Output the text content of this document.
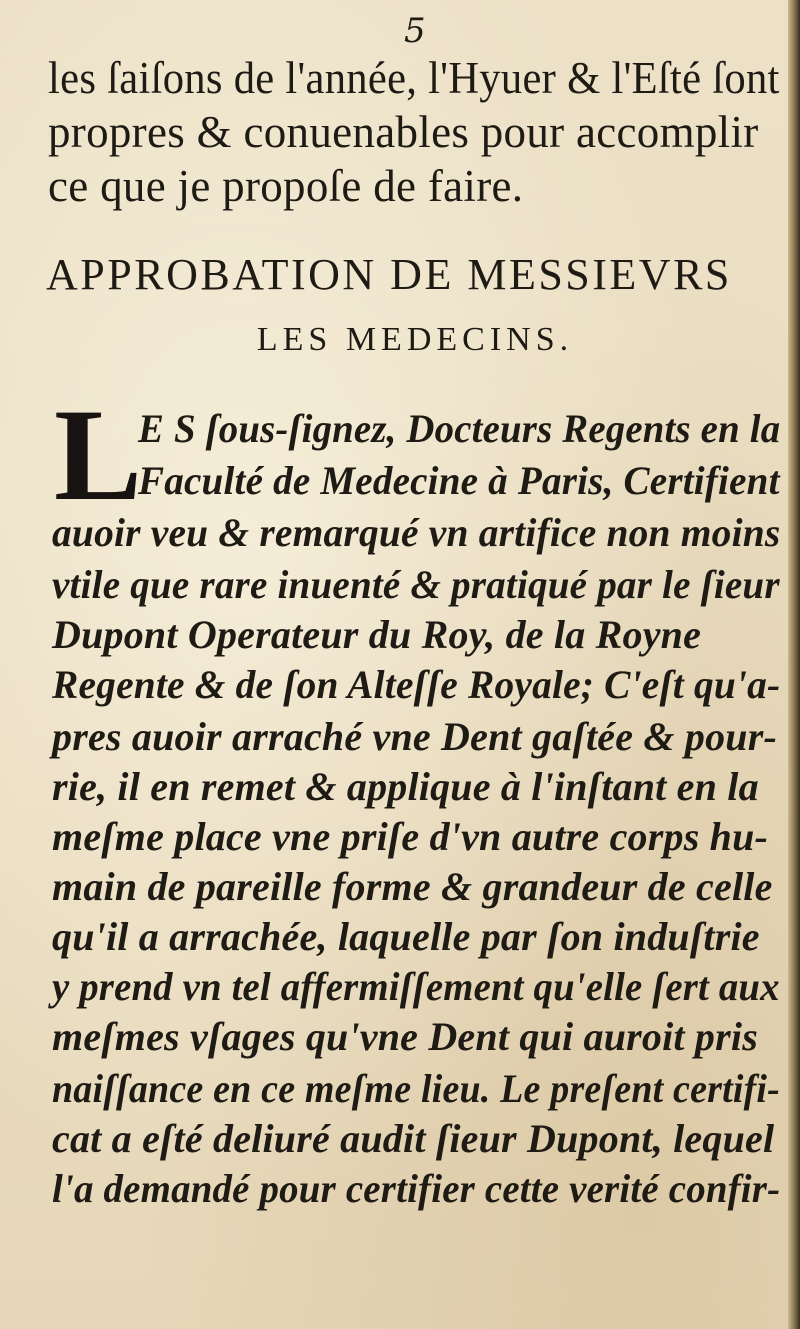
5
les ſaiſons de l'année, l'Hyuer & l'Eſté ſont
propres & conuenables pour accomplir
ce que je propoſe de faire.
APPROBATION DE MESSIEVRS
LES MEDECINS.
L
E S ſous-ſignez, Docteurs Regents en la
Faculté de Medecine à Paris, Certifient
auoir veu & remarqué vn artifice non moins
vtile que rare inuenté & pratiqué par le ſieur
Dupont Operateur du Roy, de la Royne
Regente & de ſon Alteſſe Royale; C'eſt qu'a-
pres auoir arraché vne Dent gaſtée & pour-
rie, il en remet & applique à l'inſtant en la
meſme place vne priſe d'vn autre corps hu-
main de pareille forme & grandeur de celle
qu'il a arrachée, laquelle par ſon induſtrie
y prend vn tel affermiſſement qu'elle ſert aux
meſmes vſages qu'vne Dent qui auroit pris
naiſſance en ce meſme lieu. Le preſent certifi-
cat a eſté deliuré audit ſieur Dupont, lequel
l'a demandé pour certifier cette verité confir-
